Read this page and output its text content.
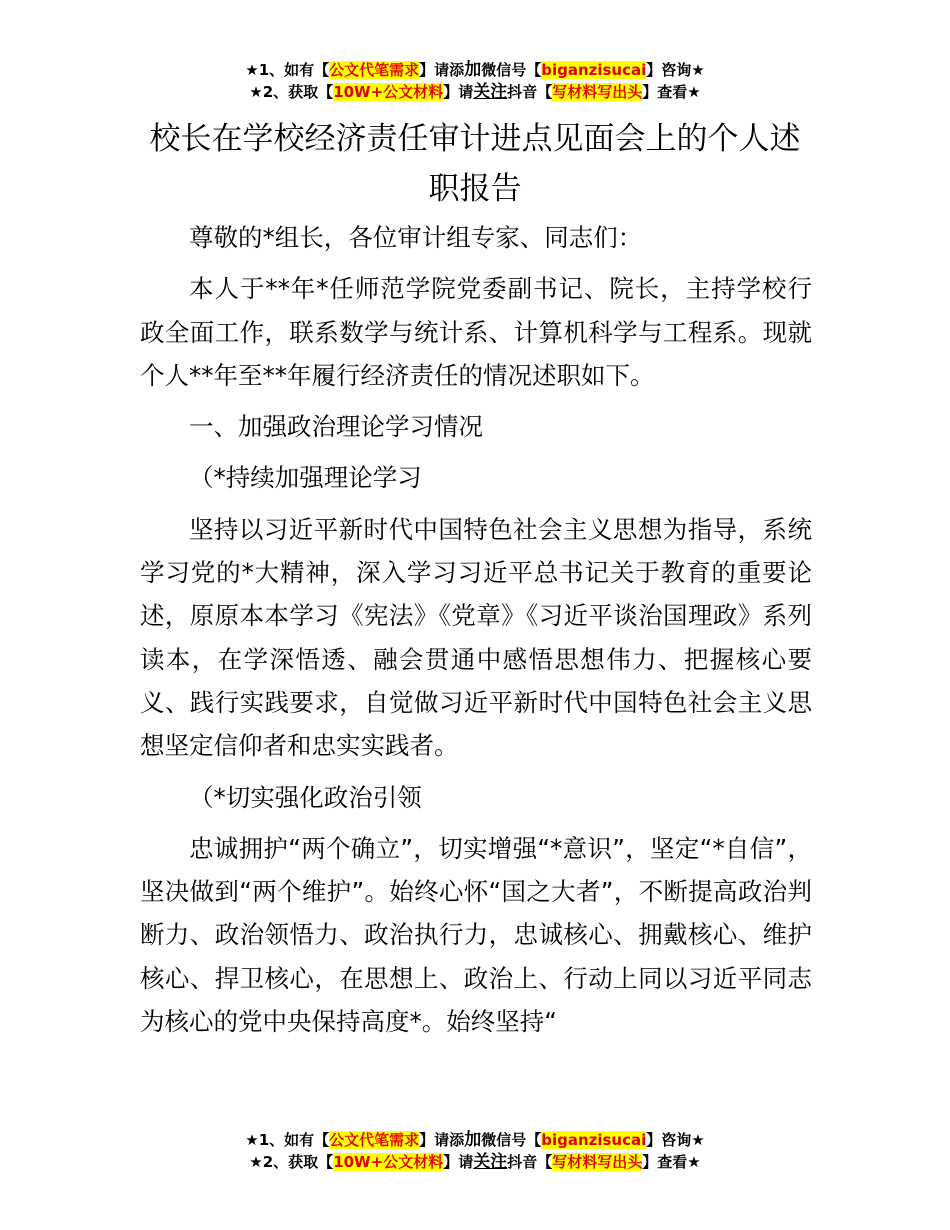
★1、如有【公文代笔需求】请添加微信号【biganzisucai】咨询★
★2、获取【10W+公文材料】请关注抖音【写材料写出头】查看★
校长在学校经济责任审计进点见面会上的个人述职报告

尊敬的*组长，各位审计组专家、同志们：

本人于**年*任师范学院党委副书记、院长，主持学校行政全面工作，联系数学与统计系、计算机科学与工程系。现就个人**年至**年履行经济责任的情况述职如下。

一、加强政治理论学习情况

（*持续加强理论学习

坚持以习近平新时代中国特色社会主义思想为指导，系统学习党的*大精神，深入学习习近平总书记关于教育的重要论述，原原本本学习《宪法》《党章》《习近平谈治国理政》系列读本，在学深悟透、融会贯通中感悟思想伟力、把握核心要义、践行实践要求，自觉做习近平新时代中国特色社会主义思想坚定信仰者和忠实实践者。

（*切实强化政治引领

忠诚拥护“两个确立”，切实增强“*意识”，坚定“*自信”，坚决做到“两个维护”。始终心怀“国之大者”，不断提高政治判断力、政治领悟力、政治执行力，忠诚核心、拥戴核心、维护核心、捍卫核心，在思想上、政治上、行动上同以习近平同志为核心的党中央保持高度*。始终坚持“

★1、如有【公文代笔需求】请添加微信号【biganzisucai】咨询★
★2、获取【10W+公文材料】请关注抖音【写材料写出头】查看★
